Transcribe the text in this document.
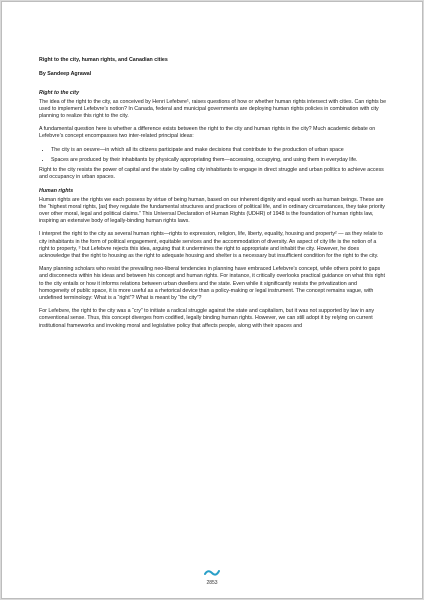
Right to the city, human rights, and Canadian cities
By Sandeep Agrawal
Right to the city

The idea of the right to the city, as conceived by Henri Lefebvre¹, raises questions of how or whether human rights intersect with cities. Can rights be used to implement Lefebvre’s notion? In Canada, federal and municipal governments are deploying human rights policies in combination with city planning to realize this right to the city.

A fundamental question here is whether a difference exists between the right to the city and human rights in the city? Much academic debate on Lefebvre’s concept encompasses two inter-related principal ideas:

• The city is an oeuvre—in which all its citizens participate and make decisions that contribute to the production of urban space
• Spaces are produced by their inhabitants by physically appropriating them—accessing, occupying, and using them in everyday life.

Right to the city resists the power of capital and the state by calling city inhabitants to engage in direct struggle and urban politics to achieve access and occupancy in urban spaces.

Human rights

Human rights are the rights we each possess by virtue of being human, based on our inherent dignity and equal worth as human beings. These are the “highest moral rights, [as] they regulate the fundamental structures and practices of political life, and in ordinary circumstances, they take priority over other moral, legal and political claims.” This Universal Declaration of Human Rights (UDHR) of 1948 is the foundation of human rights law, inspiring an extensive body of legally-binding human rights laws.

I interpret the right to the city as several human rights—rights to expression, religion, life, liberty, equality, housing and property² — as they relate to city inhabitants in the form of political engagement, equitable services and the accommodation of diversity. An aspect of city life is the notion of a right to property, ³ but Lefebvre rejects this idea, arguing that it undermines the right to appropriate and inhabit the city. However, he does acknowledge that the right to housing as the right to adequate housing and shelter is a necessary but insufficient condition for the right to the city.

Many planning scholars who resist the prevailing neo-liberal tendencies in planning have embraced Lefebvre’s concept, while others point to gaps and disconnects within his ideas and between his concept and human rights. For instance, it critically overlooks practical guidance on what this right to the city entails or how it informs relations between urban dwellers and the state. Even while it significantly resists the privatization and homogeneity of public space, it is more useful as a rhetorical device than a policy-making or legal instrument. The concept remains vague, with undefined terminology: What is a “right”? What is meant by “the city”?

For Lefebvre, the right to the city was a “cry” to initiate a radical struggle against the state and capitalism, but it was not supported by law in any conventional sense. Thus, this concept diverges from codified, legally binding human rights. However, we can still adopt it by relying on current institutional frameworks and invoking moral and legislative policy that affects people, along with their spaces and

2853
